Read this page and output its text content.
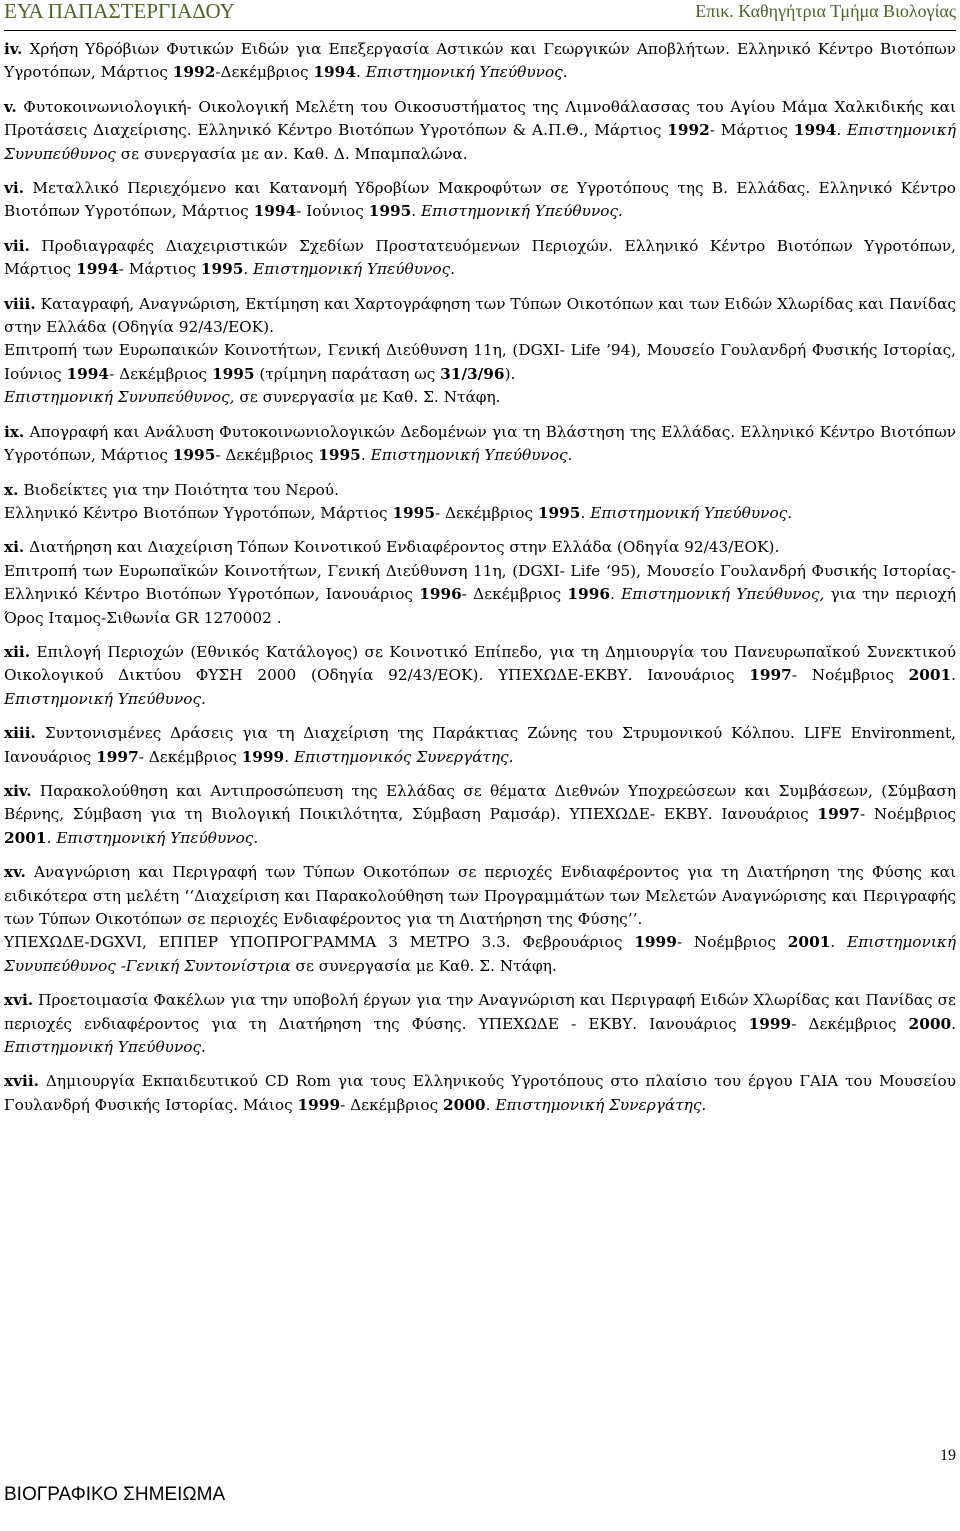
ΕΥΑ ΠΑΠΑΣΤΕΡΓΙΑΔΟΥ	Επικ. Καθηγήτρια Τμήμα Βιολογίας

iv. Χρήση Υδρόβιων Φυτικών Ειδών για Επεξεργασία Αστικών και Γεωργικών Αποβλήτων. Ελληνικό Κέντρο Βιοτόπων Υγροτόπων, Μάρτιος 1992-Δεκέμβριος 1994. Επιστημονική Υπεύθυνος.

v. Φυτοκοινωνιολογική- Οικολογική Μελέτη του Οικοσυστήματος της Λιμνοθάλασσας του Αγίου Μάμα Χαλκιδικής και Προτάσεις Διαχείρισης. Ελληνικό Κέντρο Βιοτόπων Υγροτόπων & Α.Π.Θ., Μάρτιος 1992- Μάρτιος 1994. Επιστημονική Συνυπεύθυνος σε συνεργασία με αν. Καθ. Δ. Μπαμπαλώνα.

vi. Μεταλλικό Περιεχόμενο και Κατανομή Υδροβίων Μακροφύτων σε Υγροτόπους της Β. Ελλάδας. Ελληνικό Κέντρο Βιοτόπων Υγροτόπων, Μάρτιος 1994- Ιούνιος 1995. Επιστημονική Υπεύθυνος.

vii. Προδιαγραφές Διαχειριστικών Σχεδίων Προστατευόμενων Περιοχών. Ελληνικό Κέντρο Βιοτόπων Υγροτόπων, Μάρτιος 1994- Μάρτιος 1995. Επιστημονική Υπεύθυνος.

viii. Καταγραφή, Αναγνώριση, Εκτίμηση και Χαρτογράφηση των Τύπων Οικοτόπων και των Ειδών Χλωρίδας και Πανίδας στην Ελλάδα (Οδηγία 92/43/ΕΟΚ).

Επιτροπή των Ευρωπαικών Κοινοτήτων, Γενική Διεύθυνση 11η, (DGXI- Life ’94), Μουσείο Γουλανδρή Φυσικής Ιστορίας, Ιούνιος 1994- Δεκέμβριος 1995 (τρίμηνη παράταση ως 31/3/96).

Επιστημονική Συνυπεύθυνος, σε συνεργασία με Καθ. Σ. Ντάφη.

ix. Απογραφή και Ανάλυση Φυτοκοινωνιολογικών Δεδομένων για τη Βλάστηση της Ελλάδας. Ελληνικό Κέντρο Βιοτόπων Υγροτόπων, Μάρτιος 1995- Δεκέμβριος 1995. Επιστημονική Υπεύθυνος.

x. Βιοδείκτες για την Ποιότητα του Νερού.

Ελληνικό Κέντρο Βιοτόπων Υγροτόπων, Μάρτιος 1995- Δεκέμβριος 1995. Επιστημονική Υπεύθυνος.

xi. Διατήρηση και Διαχείριση Τόπων Κοινοτικού Ενδιαφέροντος στην Ελλάδα (Οδηγία 92/43/ΕΟΚ).

Επιτροπή των Ευρωπαϊκών Κοινοτήτων, Γενική Διεύθυνση 11η, (DGXI- Life ‘95), Μουσείο Γουλανδρή Φυσικής Ιστορίας- Ελληνικό Κέντρο Βιοτόπων Υγροτόπων, Ιανουάριος 1996- Δεκέμβριος 1996. Επιστημονική Υπεύθυνος, για την περιοχή Όρος Ιταμος-Σιθωνία GR 1270002 .

xii. Επιλογή Περιοχών (Εθνικός Κατάλογος) σε Κοινοτικό Επίπεδο, για τη Δημιουργία του Πανευρωπαϊκού Συνεκτικού Οικολογικού Δικτύου ΦΥΣΗ 2000 (Οδηγία 92/43/ΕΟΚ). ΥΠΕΧΩΔΕ-ΕΚΒΥ. Ιανουάριος 1997- Νοέμβριος 2001. Επιστημονική Υπεύθυνος.

xiii. Συντονισμένες Δράσεις για τη Διαχείριση της Παράκτιας Ζώνης του Στρυμονικού Κόλπου. LIFE Environment, Ιανουάριος 1997- Δεκέμβριος 1999. Επιστημονικός Συνεργάτης.

xiv. Παρακολούθηση και Αντιπροσώπευση της Ελλάδας σε θέματα Διεθνών Υποχρεώσεων και Συμβάσεων, (Σύμβαση Βέρνης, Σύμβαση για τη Βιολογική Ποικιλότητα, Σύμβαση Ραμσάρ). ΥΠΕΧΩΔΕ- ΕΚΒΥ. Ιανουάριος 1997- Νοέμβριος 2001. Επιστημονική Υπεύθυνος.

xv. Αναγνώριση και Περιγραφή των Τύπων Οικοτόπων σε περιοχές Ενδιαφέροντος για τη Διατήρηση της Φύσης και ειδικότερα στη μελέτη ‘‘Διαχείριση και Παρακολούθηση των Προγραμμάτων των Μελετών Αναγνώρισης και Περιγραφής των Τύπων Οικοτόπων σε περιοχές Ενδιαφέροντος για τη Διατήρηση της Φύσης’’.

ΥΠΕΧΩΔΕ-DGXVI, ΕΠΠΕΡ ΥΠΟΠΡΟΓΡΑΜΜΑ 3 ΜΕΤΡΟ 3.3. Φεβρουάριος 1999- Νοέμβριος 2001. Επιστημονική Συνυπεύθυνος -Γενική Συντονίστρια σε συνεργασία με Καθ. Σ. Ντάφη.

xvi. Προετοιμασία Φακέλων για την υποβολή έργων για την Αναγνώριση και Περιγραφή Ειδών Χλωρίδας και Πανίδας σε περιοχές ενδιαφέροντος για τη Διατήρηση της Φύσης. ΥΠΕΧΩΔΕ - ΕΚΒΥ. Ιανουάριος 1999- Δεκέμβριος 2000. Επιστημονική Υπεύθυνος.

xvii. Δημιουργία Εκπαιδευτικού CD Rom για τους Ελληνικούς Υγροτόπους στο πλαίσιο του έργου ΓΑΙΑ του Μουσείου Γουλανδρή Φυσικής Ιστορίας. Μάιος 1999- Δεκέμβριος 2000. Επιστημονική Συνεργάτης.

19
ΒΙΟΓΡΑΦΙΚΟ ΣΗΜΕΙΩΜΑ
